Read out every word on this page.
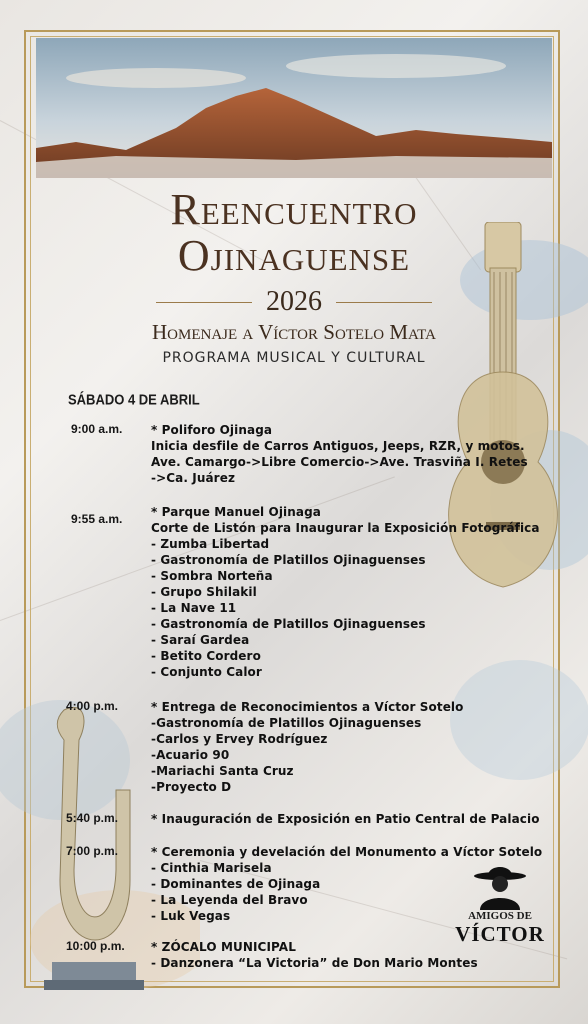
Reencuentro
Ojinaguense
2026
Homenaje a Víctor Sotelo Mata
PROGRAMA MUSICAL Y CULTURAL
SÁBADO 4 DE ABRIL
9:00 a.m. * Poliforo Ojinaga
Inicia desfile de Carros Antiguos, Jeeps, RZR, y motos.
Ave. Camargo->Libre Comercio->Ave. Trasviña I. Retes
->Ca. Juárez
9:55 a.m. * Parque Manuel Ojinaga
Corte de Listón para Inaugurar la Exposición Fotográfica
- Zumba Libertad
- Gastronomía de Platillos Ojinaguenses
- Sombra Norteña
- Grupo Shilakil
- La Nave 11
- Gastronomía de Platillos Ojinaguenses
- Saraí Gardea
- Betito Cordero
- Conjunto Calor
4:00 p.m.	* Entrega de Reconocimientos a Víctor Sotelo
-Gastronomía de Platillos Ojinaguenses
-Carlos y Ervey Rodríguez
-Acuario 90
-Mariachi Santa Cruz
-Proyecto D
5:40 p.m.	* Inauguración de Exposición en Patio Central de Palacio
7:00 p.m.	* Ceremonia y develación del Monumento a Víctor Sotelo
- Cinthia Marisela
- Dominantes de Ojinaga
- La Leyenda del Bravo
- Luk Vegas
10:00 p.m. * ZÓCALO MUNICIPAL
- Danzonera “La Victoria” de Don Mario Montes
AMIGOS DE
VÍCTOR
